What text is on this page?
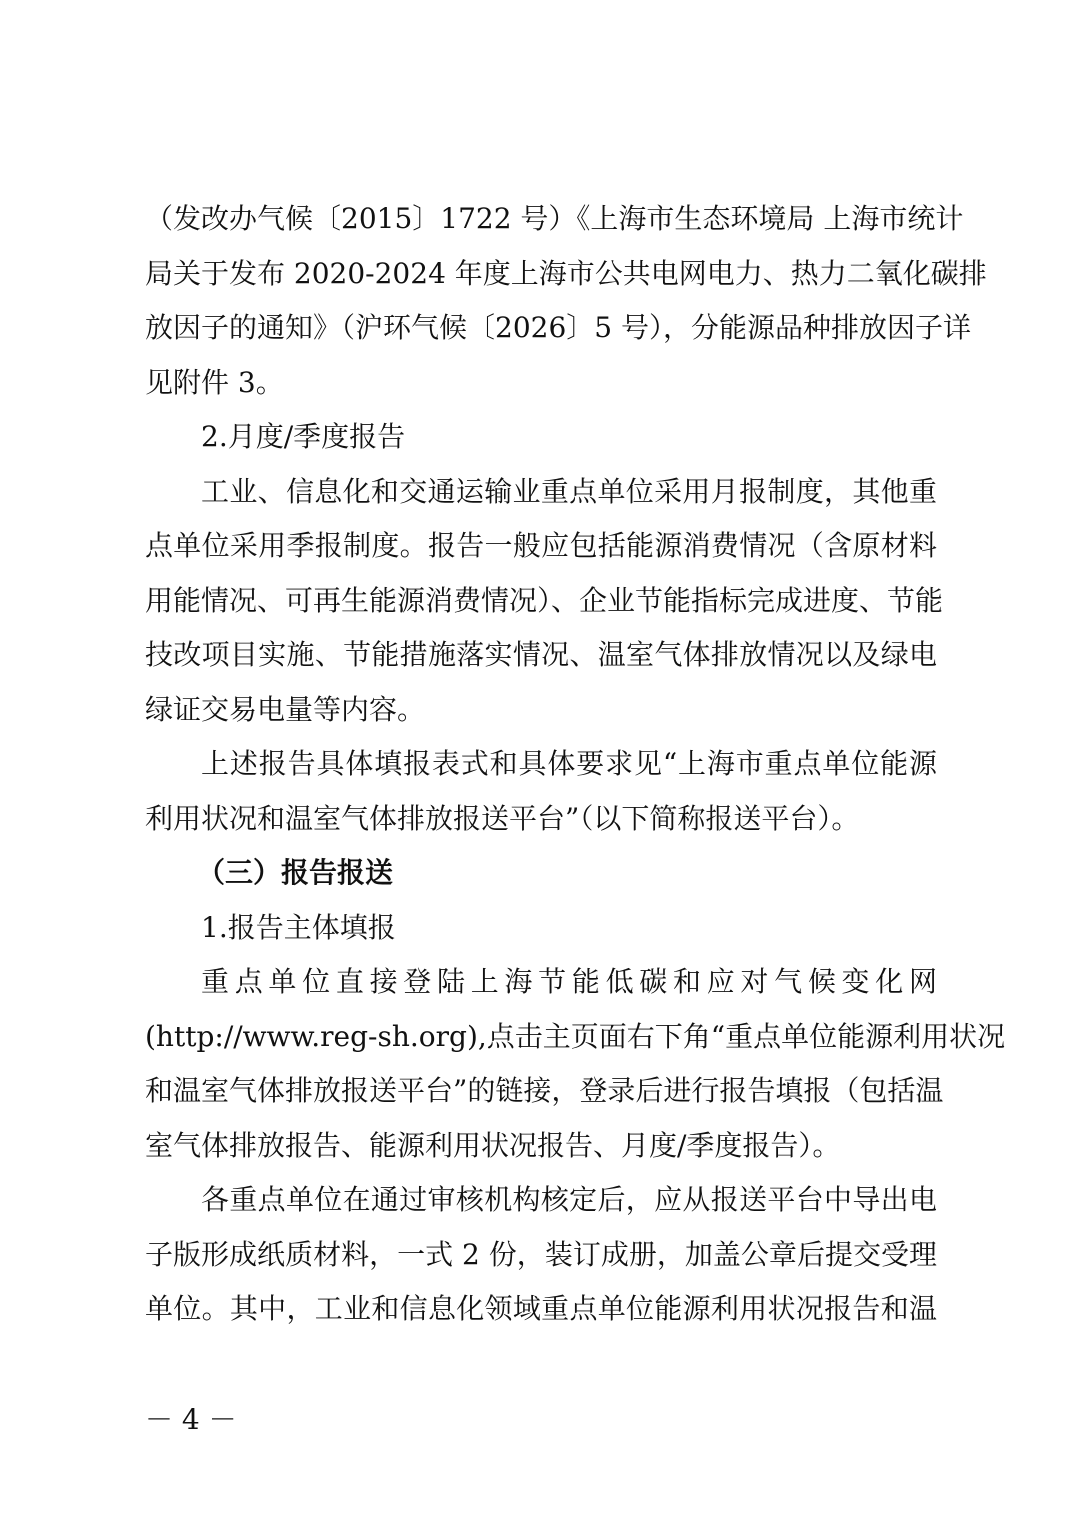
（发改办气候〔2015〕1722 号）《上海市生态环境局 上海市统计
局关于发布 2020-2024 年度上海市公共电网电力、热力二氧化碳排
放因子的通知》（沪环气候〔2026〕5 号），分能源品种排放因子详
见附件 3。
2.月度/季度报告
工业、信息化和交通运输业重点单位采用月报制度，其他重
点单位采用季报制度。报告一般应包括能源消费情况（含原材料
用能情况、可再生能源消费情况）、企业节能指标完成进度、节能
技改项目实施、节能措施落实情况、温室气体排放情况以及绿电
绿证交易电量等内容。
上述报告具体填报表式和具体要求见“上海市重点单位能源
利用状况和温室气体排放报送平台”（以下简称报送平台）。
（三）报告报送
1.报告主体填报
重点单位直接登陆上海节能低碳和应对气候变化网
(http://www.reg-sh.org),点击主页面右下角“重点单位能源利用状况
和温室气体排放报送平台”的链接，登录后进行报告填报（包括温
室气体排放报告、能源利用状况报告、月度/季度报告）。
各重点单位在通过审核机构核定后，应从报送平台中导出电
子版形成纸质材料，一式 2 份，装订成册，加盖公章后提交受理
单位。其中，工业和信息化领域重点单位能源利用状况报告和温
－ 4 －
